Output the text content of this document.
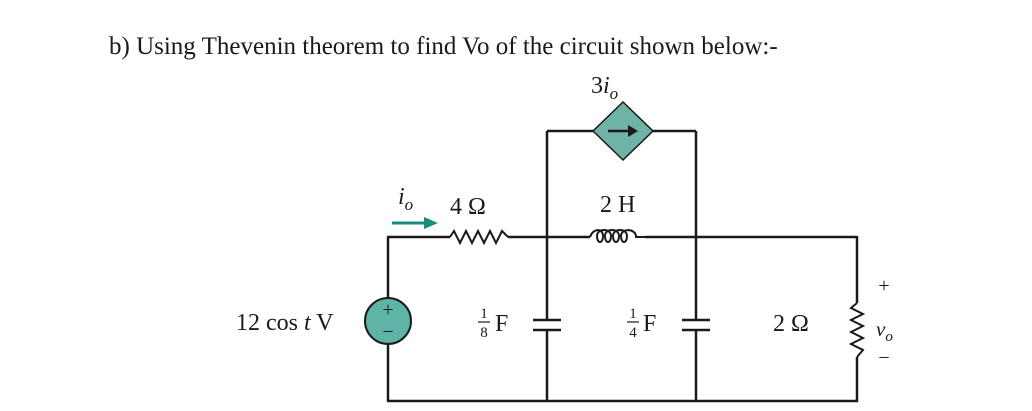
b) Using Thevenin theorem to find Vo of the circuit shown below:-
+
−
$3i_o$
$i_o$ 4 Ω	2 H
12 cos t V	1
8 F	1
4 F	2 Ω
+
$v_o$
−
